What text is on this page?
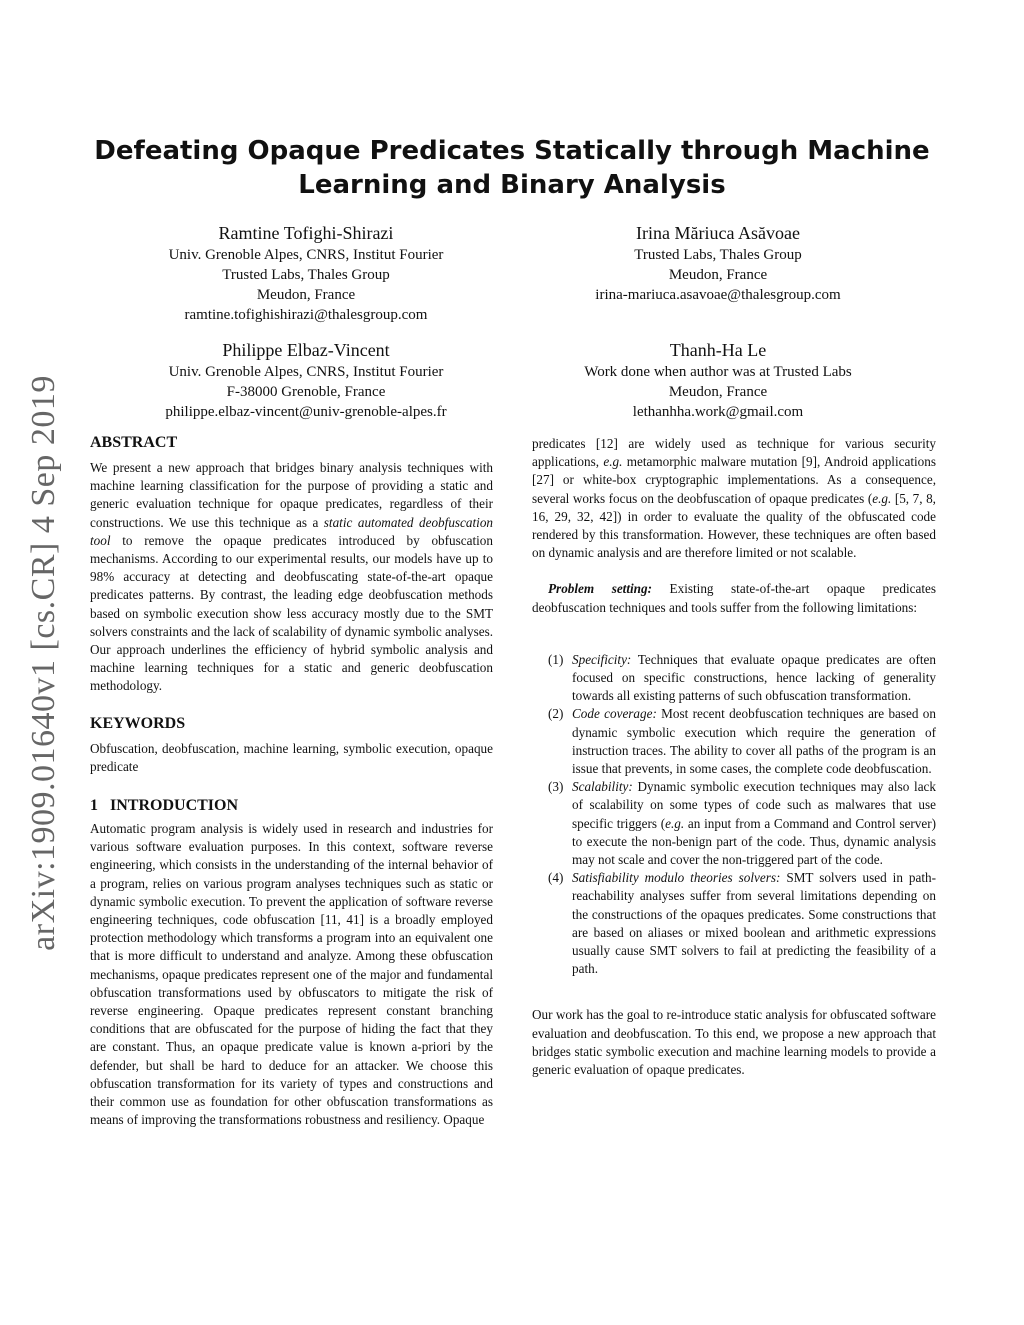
arXiv:1909.01640v1 [cs.CR] 4 Sep 2019
Defeating Opaque Predicates Statically through Machine
Learning and Binary Analysis
Ramtine Tofighi-Shirazi
Univ. Grenoble Alpes, CNRS, Institut Fourier
Trusted Labs, Thales Group
Meudon, France
ramtine.tofighishirazi@thalesgroup.com
Irina Măriuca Asăvoae
Trusted Labs, Thales Group
Meudon, France
irina-mariuca.asavoae@thalesgroup.com
Philippe Elbaz-Vincent
Univ. Grenoble Alpes, CNRS, Institut Fourier
F-38000 Grenoble, France
philippe.elbaz-vincent@univ-grenoble-alpes.fr
Thanh-Ha Le
Work done when author was at Trusted Labs
Meudon, France
lethanhha.work@gmail.com
ABSTRACT

We present a new approach that bridges binary analysis techniques with machine learning classification for the purpose of providing a static and generic evaluation technique for opaque predicates, regardless of their constructions. We use this technique as a static automated deobfuscation tool to remove the opaque predicates introduced by obfuscation mechanisms. According to our experimental results, our models have up to 98% accuracy at detecting and deobfuscating state-of-the-art opaque predicates patterns. By contrast, the leading edge deobfuscation methods based on symbolic execution show less accuracy mostly due to the SMT solvers constraints and the lack of scalability of dynamic symbolic analyses. Our approach underlines the efficiency of hybrid symbolic analysis and machine learning techniques for a static and generic deobfuscation methodology.

KEYWORDS

Obfuscation, deobfuscation, machine learning, symbolic execution, opaque predicate

1   INTRODUCTION

Automatic program analysis is widely used in research and industries for various software evaluation purposes. In this context, software reverse engineering, which consists in the understanding of the internal behavior of a program, relies on various program analyses techniques such as static or dynamic symbolic execution. To prevent the application of software reverse engineering techniques, code obfuscation [11, 41] is a broadly employed protection methodology which transforms a program into an equivalent one that is more difficult to understand and analyze. Among these obfuscation mechanisms, opaque predicates represent one of the major and fundamental obfuscation transformations used by obfuscators to mitigate the risk of reverse engineering. Opaque predicates represent constant branching conditions that are obfuscated for the purpose of hiding the fact that they are constant. Thus, an opaque predicate value is known a-priori by the defender, but shall be hard to deduce for an attacker. We choose this obfuscation transformation for its variety of types and constructions and their common use as foundation for other obfuscation transformations as means of improving the transformations robustness and resiliency. Opaque

predicates [12] are widely used as technique for various security applications, e.g. metamorphic malware mutation [9], Android applications [27] or white-box cryptographic implementations. As a consequence, several works focus on the deobfuscation of opaque predicates (e.g. [5, 7, 8, 16, 29, 32, 42]) in order to evaluate the quality of the obfuscated code rendered by this transformation. However, these techniques are often based on dynamic analysis and are therefore limited or not scalable.

Problem setting: Existing state-of-the-art opaque predicates deobfuscation techniques and tools suffer from the following limitations:

(1) Specificity: Techniques that evaluate opaque predicates are often focused on specific constructions, hence lacking of generality towards all existing patterns of such obfuscation transformation.
(2) Code coverage: Most recent deobfuscation techniques are based on dynamic symbolic execution which require the generation of instruction traces. The ability to cover all paths of the program is an issue that prevents, in some cases, the complete code deobfuscation.
(3) Scalability: Dynamic symbolic execution techniques may also lack of scalability on some types of code such as malwares that use specific triggers (e.g. an input from a Command and Control server) to execute the non-benign part of the code. Thus, dynamic analysis may not scale and cover the non-triggered part of the code.
(4) Satisfiability modulo theories solvers: SMT solvers used in path-reachability analyses suffer from several limitations depending on the constructions of the opaques predicates. Some constructions that are based on aliases or mixed boolean and arithmetic expressions usually cause SMT solvers to fail at predicting the feasibility of a path.

Our work has the goal to re-introduce static analysis for obfuscated software evaluation and deobfuscation. To this end, we propose a new approach that bridges static symbolic execution and machine learning models to provide a generic evaluation of opaque predicates.
